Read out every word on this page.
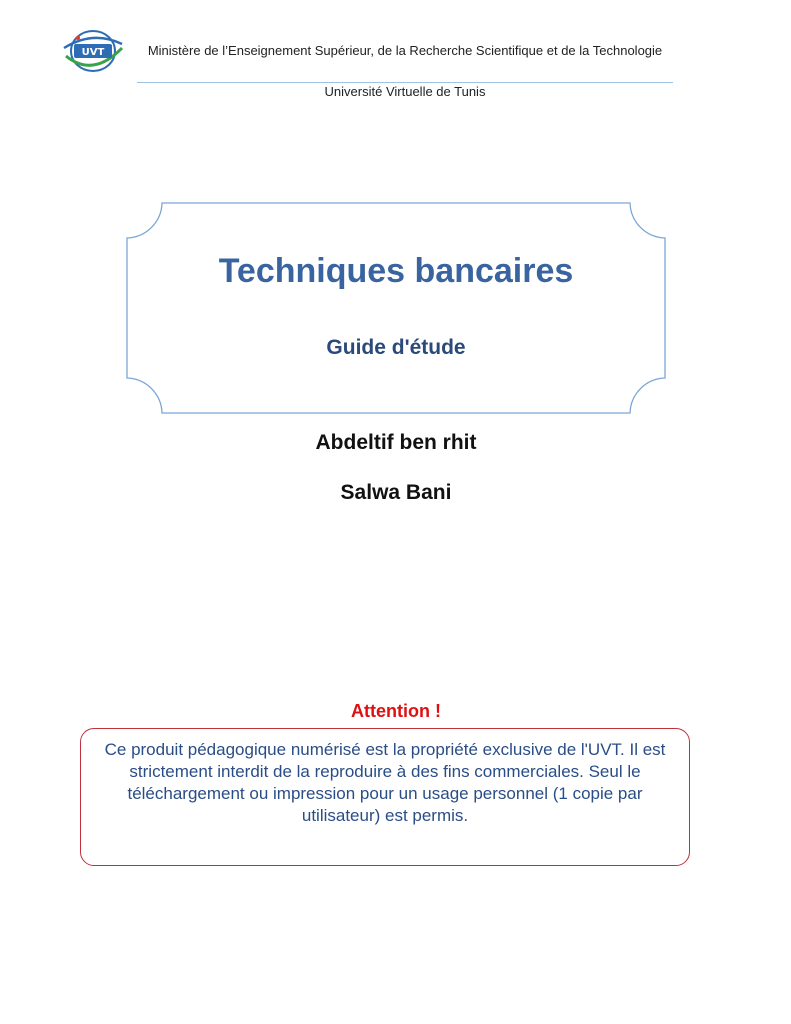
UVT	Ministère de l’Enseignement Supérieur, de la Recherche Scientifique et de la Technologie
Université Virtuelle de Tunis
Techniques bancaires
Guide d'étude
Abdeltif ben rhit
Salwa Bani
Attention !
Ce produit pédagogique numérisé est la propriété exclusive de l'UVT. Il est strictement interdit de la reproduire à des fins commerciales. Seul le téléchargement ou impression pour un usage personnel (1 copie par utilisateur) est permis.
